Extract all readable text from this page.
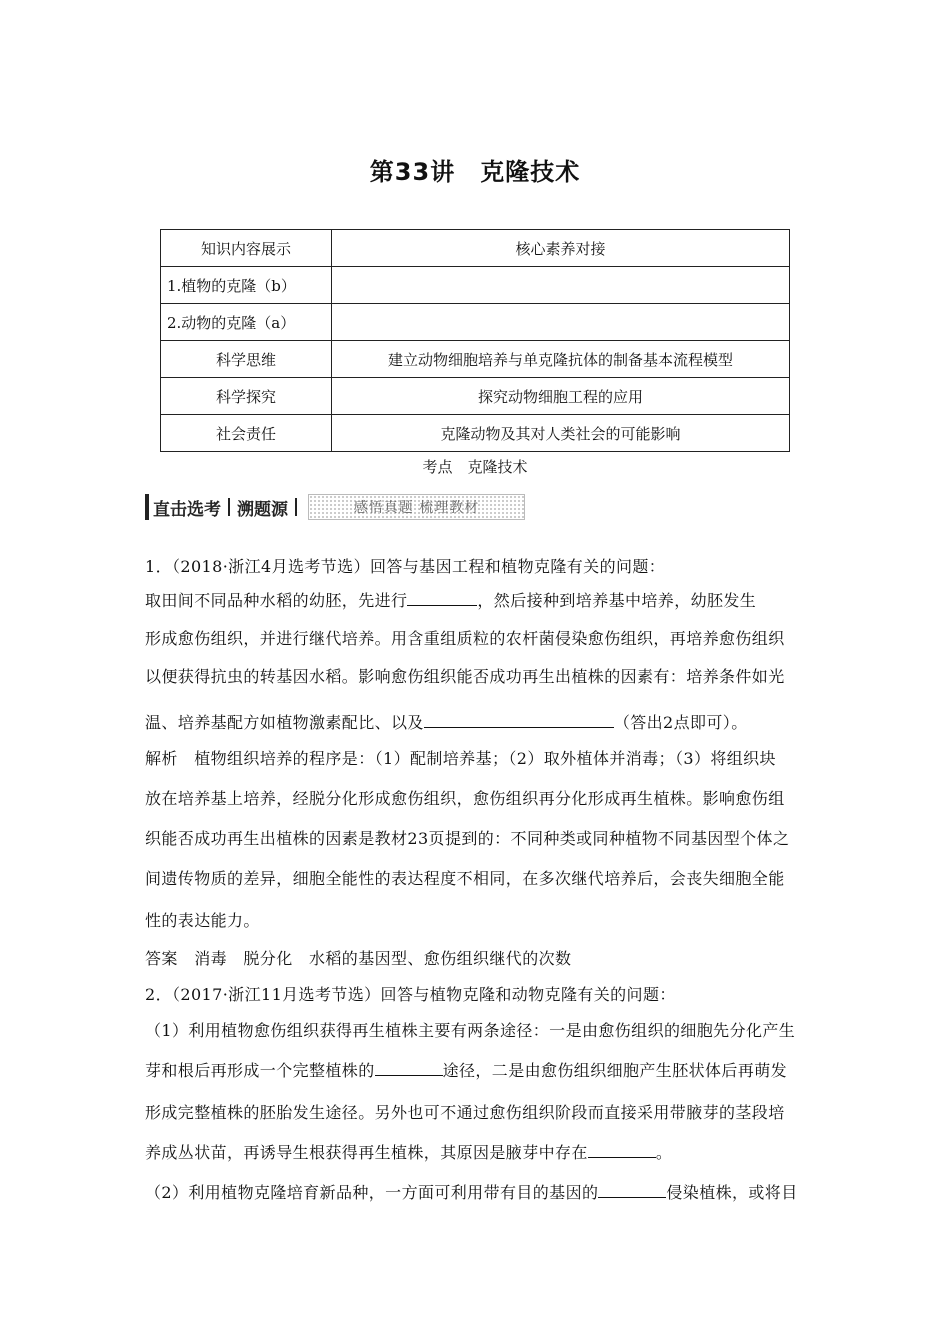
第33讲　克隆技术
知识内容展示	核心素养对接
1.植物的克隆（b）	
2.动物的克隆（a）	
科学思维	建立动物细胞培养与单克隆抗体的制备基本流程模型
科学探究	探究动物细胞工程的应用
社会责任	克隆动物及其对人类社会的可能影响
考点　克隆技术
直击选考 溯题源	感悟真题 梳理教材
1．（2018·浙江4月选考节选）回答与基因工程和植物克隆有关的问题：
取田间不同品种水稻的幼胚，先进行	，然后接种到培养基中培养，幼胚发生
形成愈伤组织，并进行继代培养。用含重组质粒的农杆菌侵染愈伤组织，再培养愈伤组织
以便获得抗虫的转基因水稻。影响愈伤组织能否成功再生出植株的因素有：培养条件如光
温、培养基配方如植物激素配比、以及	（答出2点即可）。
解析　植物组织培养的程序是：（1）配制培养基；（2）取外植体并消毒；（3）将组织块
放在培养基上培养，经脱分化形成愈伤组织，愈伤组织再分化形成再生植株。影响愈伤组
织能否成功再生出植株的因素是教材23页提到的：不同种类或同种植物不同基因型个体之
间遗传物质的差异，细胞全能性的表达程度不相同，在多次继代培养后，会丧失细胞全能
性的表达能力。
答案　消毒　脱分化　水稻的基因型、愈伤组织继代的次数
2．（2017·浙江11月选考节选）回答与植物克隆和动物克隆有关的问题：
（1）利用植物愈伤组织获得再生植株主要有两条途径：一是由愈伤组织的细胞先分化产生
芽和根后再形成一个完整植株的	途径，二是由愈伤组织细胞产生胚状体后再萌发
形成完整植株的胚胎发生途径。另外也可不通过愈伤组织阶段而直接采用带腋芽的茎段培
养成丛状苗，再诱导生根获得再生植株，其原因是腋芽中存在	。
（2）利用植物克隆培育新品种，一方面可利用带有目的基因的	侵染植株，或将目
